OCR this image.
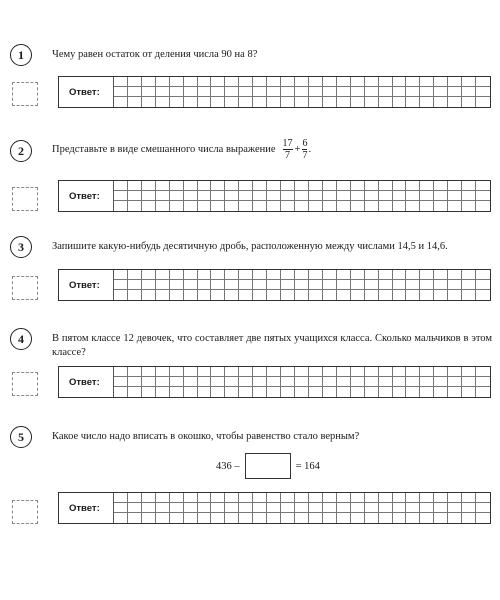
1	Чему равен остаток от деления числа 90 на 8?
Ответ:
2	Представьте в виде смешанного числа выражение $\frac{17}{7} + \frac{6}{7}$ .
Ответ:
3	Запишите какую-нибудь десятичную дробь, расположенную между числами 14,5 и 14,6.
Ответ:
4	В пятом классе 12 девочек, что составляет две пятых учащихся класса. Сколько мальчиков в этом классе?
Ответ:
5	Какое число надо вписать в окошко, чтобы равенство стало верным?
436 –	= 164
Ответ:
